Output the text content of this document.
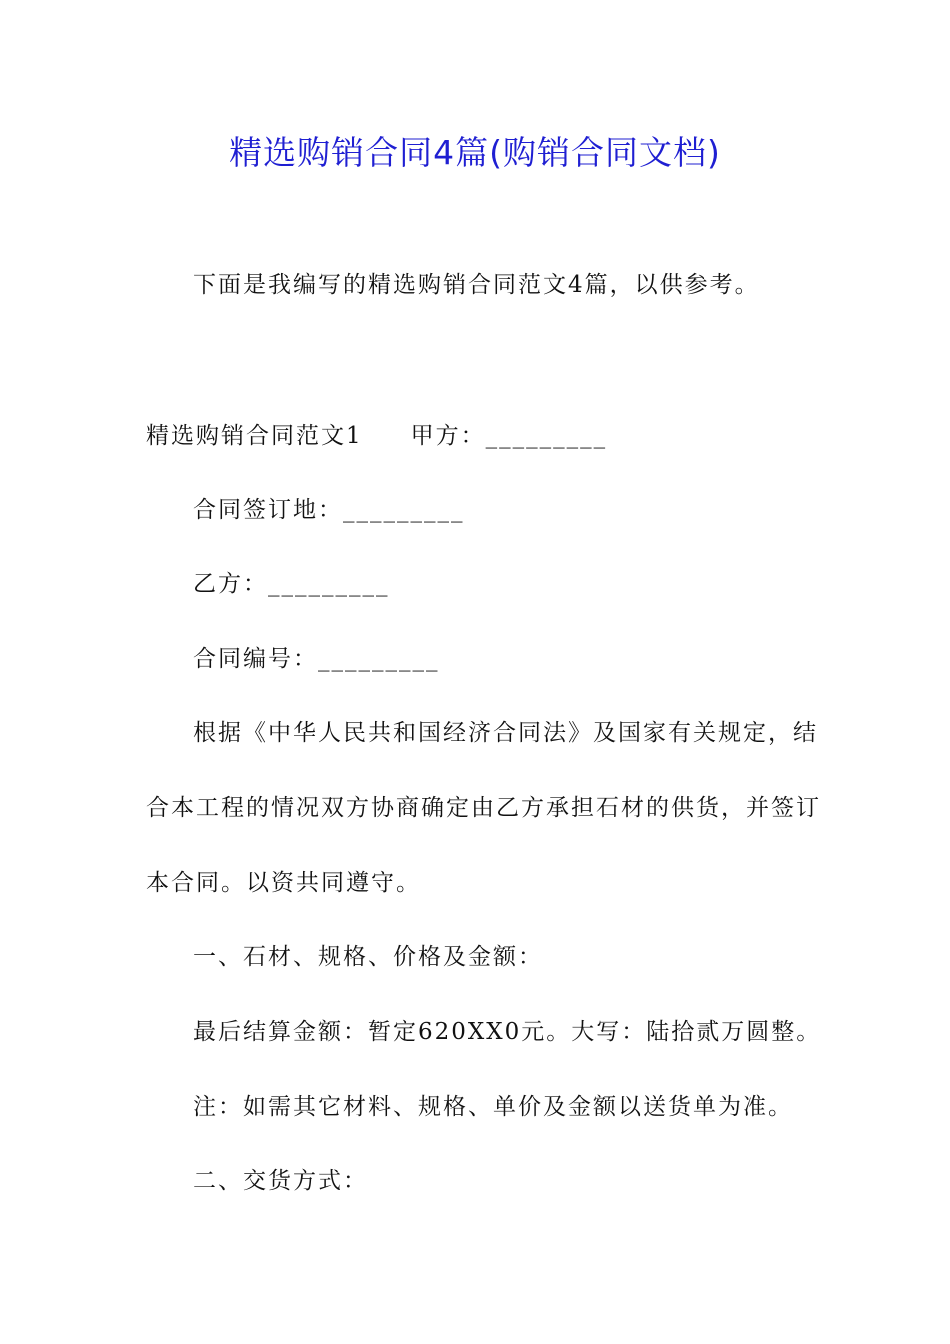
精选购销合同4篇(购销合同文档)
下面是我编写的精选购销合同范文4篇，以供参考。
精选购销合同范文1 甲方：_________
合同签订地：_________
乙方：_________
合同编号：_________
根据《中华人民共和国经济合同法》及国家有关规定，结
合本工程的情况双方协商确定由乙方承担石材的供货，并签订
本合同。以资共同遵守。
一、石材、规格、价格及金额：
最后结算金额：暂定620XX0元。大写：陆拾贰万圆整。
注：如需其它材料、规格、单价及金额以送货单为准。
二、交货方式：
